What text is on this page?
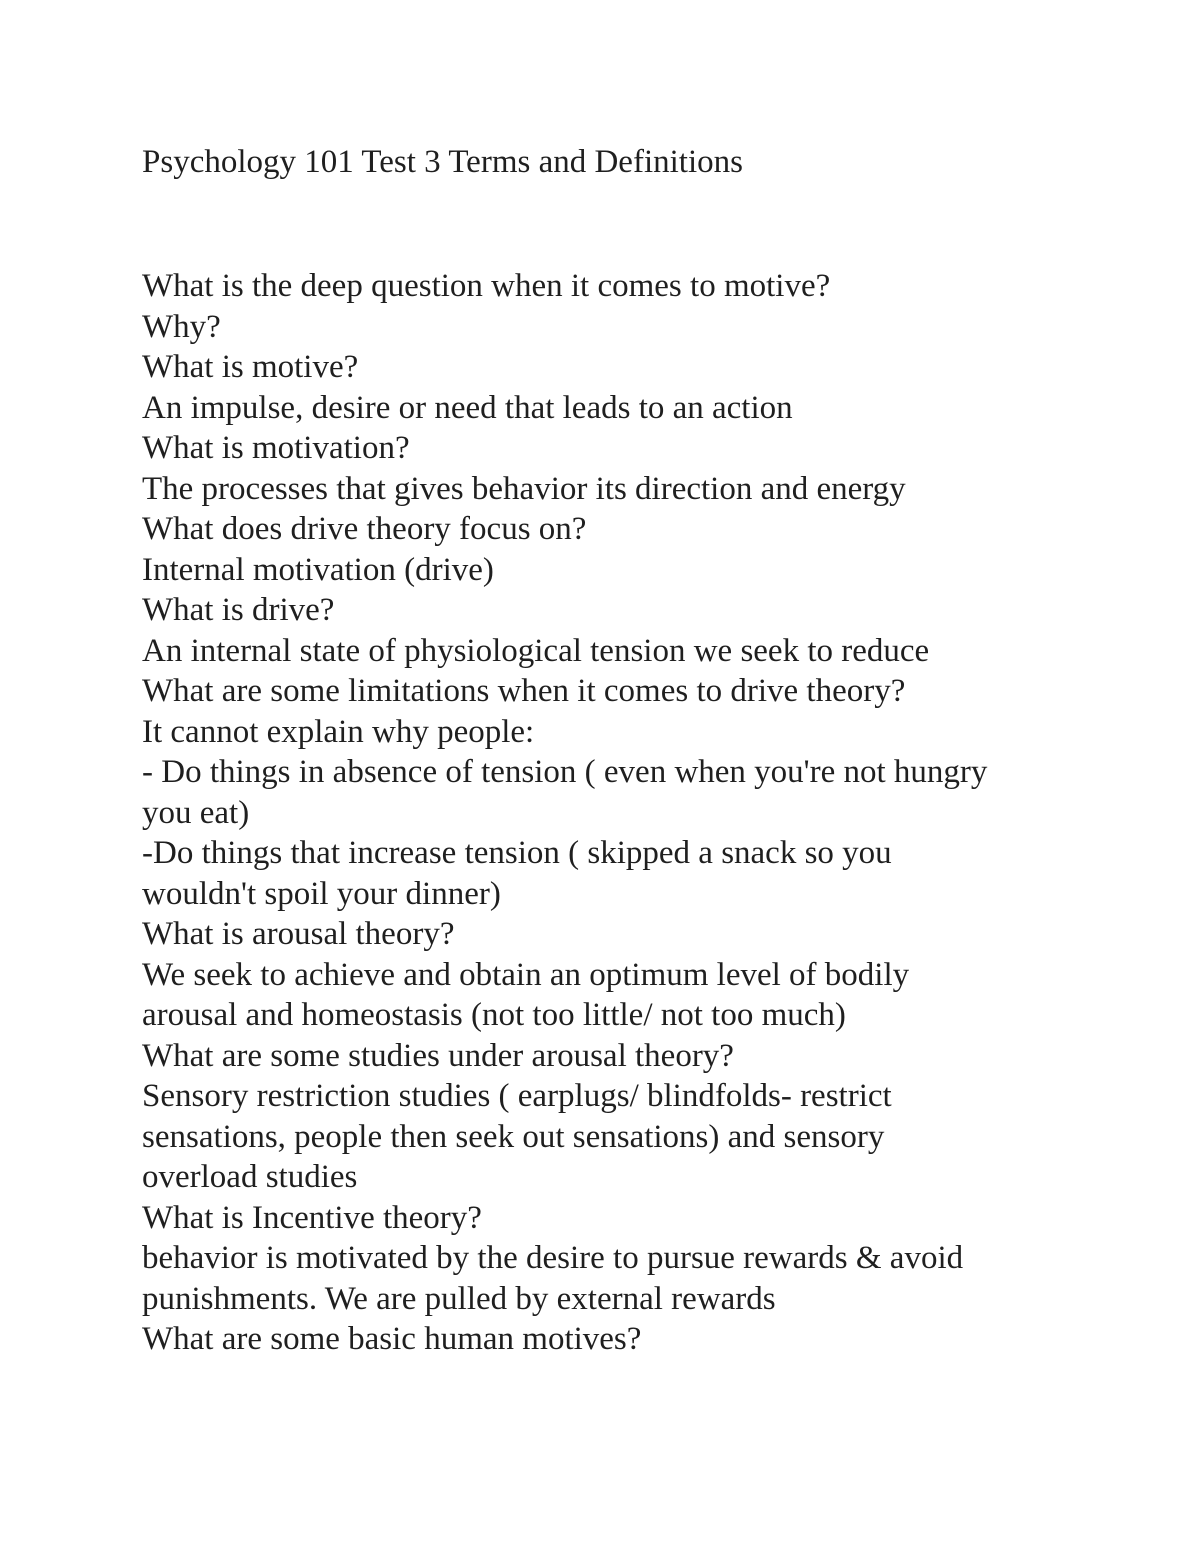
Psychology 101 Test 3 Terms and Definitions
What is the deep question when it comes to motive?
Why?
What is motive?
An impulse, desire or need that leads to an action
What is motivation?
The processes that gives behavior its direction and energy
What does drive theory focus on?
Internal motivation (drive)
What is drive?
An internal state of physiological tension we seek to reduce
What are some limitations when it comes to drive theory?
It cannot explain why people:
- Do things in absence of tension ( even when you're not hungry
you eat)
-Do things that increase tension ( skipped a snack so you
wouldn't spoil your dinner)
What is arousal theory?
We seek to achieve and obtain an optimum level of bodily
arousal and homeostasis (not too little/ not too much)
What are some studies under arousal theory?
Sensory restriction studies ( earplugs/ blindfolds- restrict
sensations, people then seek out sensations) and sensory
overload studies
What is Incentive theory?
behavior is motivated by the desire to pursue rewards & avoid
punishments. We are pulled by external rewards
What are some basic human motives?
